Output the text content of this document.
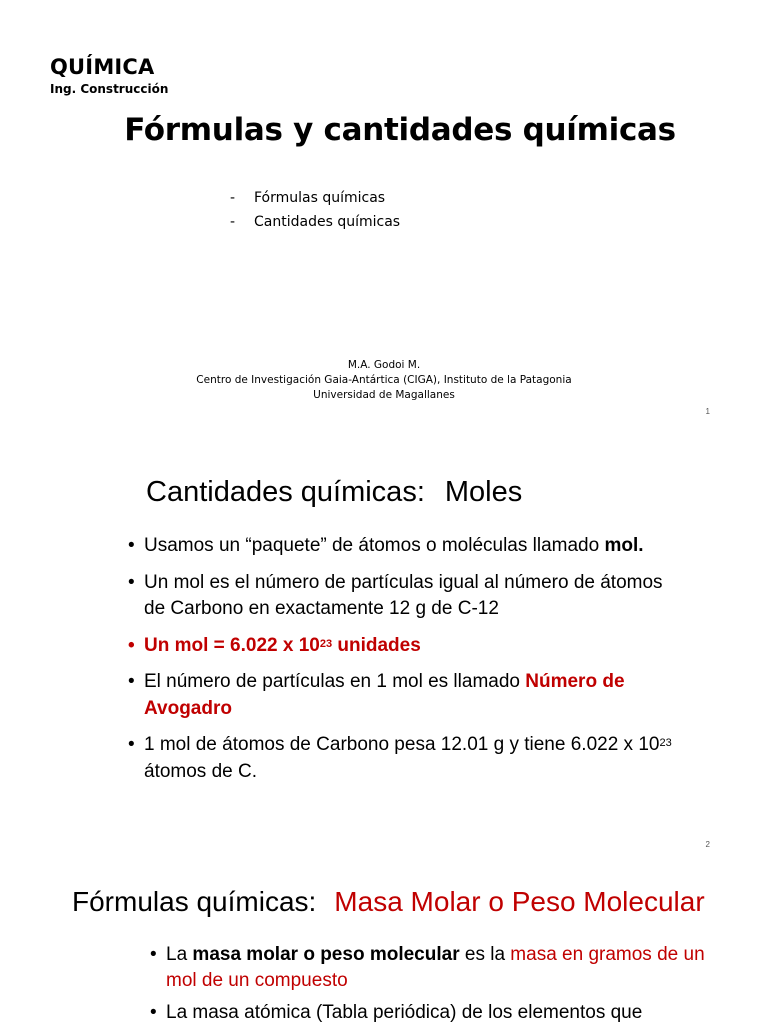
QUÍMICA
Ing. Construcción
Fórmulas y cantidades químicas
- Fórmulas químicas
- Cantidades químicas
M.A. Godoi M.
Centro de Investigación Gaia-Antártica (CIGA), Instituto de la Patagonia
Universidad de Magallanes
1
Cantidades químicas: Moles
• Usamos un “paquete” de átomos o moléculas llamado mol.
• Un mol es el número de partículas igual al número de átomos de Carbono en exactamente 12 g de C-12
• Un mol = 6.022 x $10^{23}$ unidades
• El número de partículas en 1 mol es llamado Número de Avogadro
• 1 mol de átomos de Carbono pesa 12.01 g y tiene 6.022 x $10^{23}$ átomos de C.
2
Fórmulas químicas: Masa Molar o Peso Molecular
• La masa molar o peso molecular es la masa en gramos de un mol de un compuesto
• La masa atómica (Tabla periódica) de los elementos que
